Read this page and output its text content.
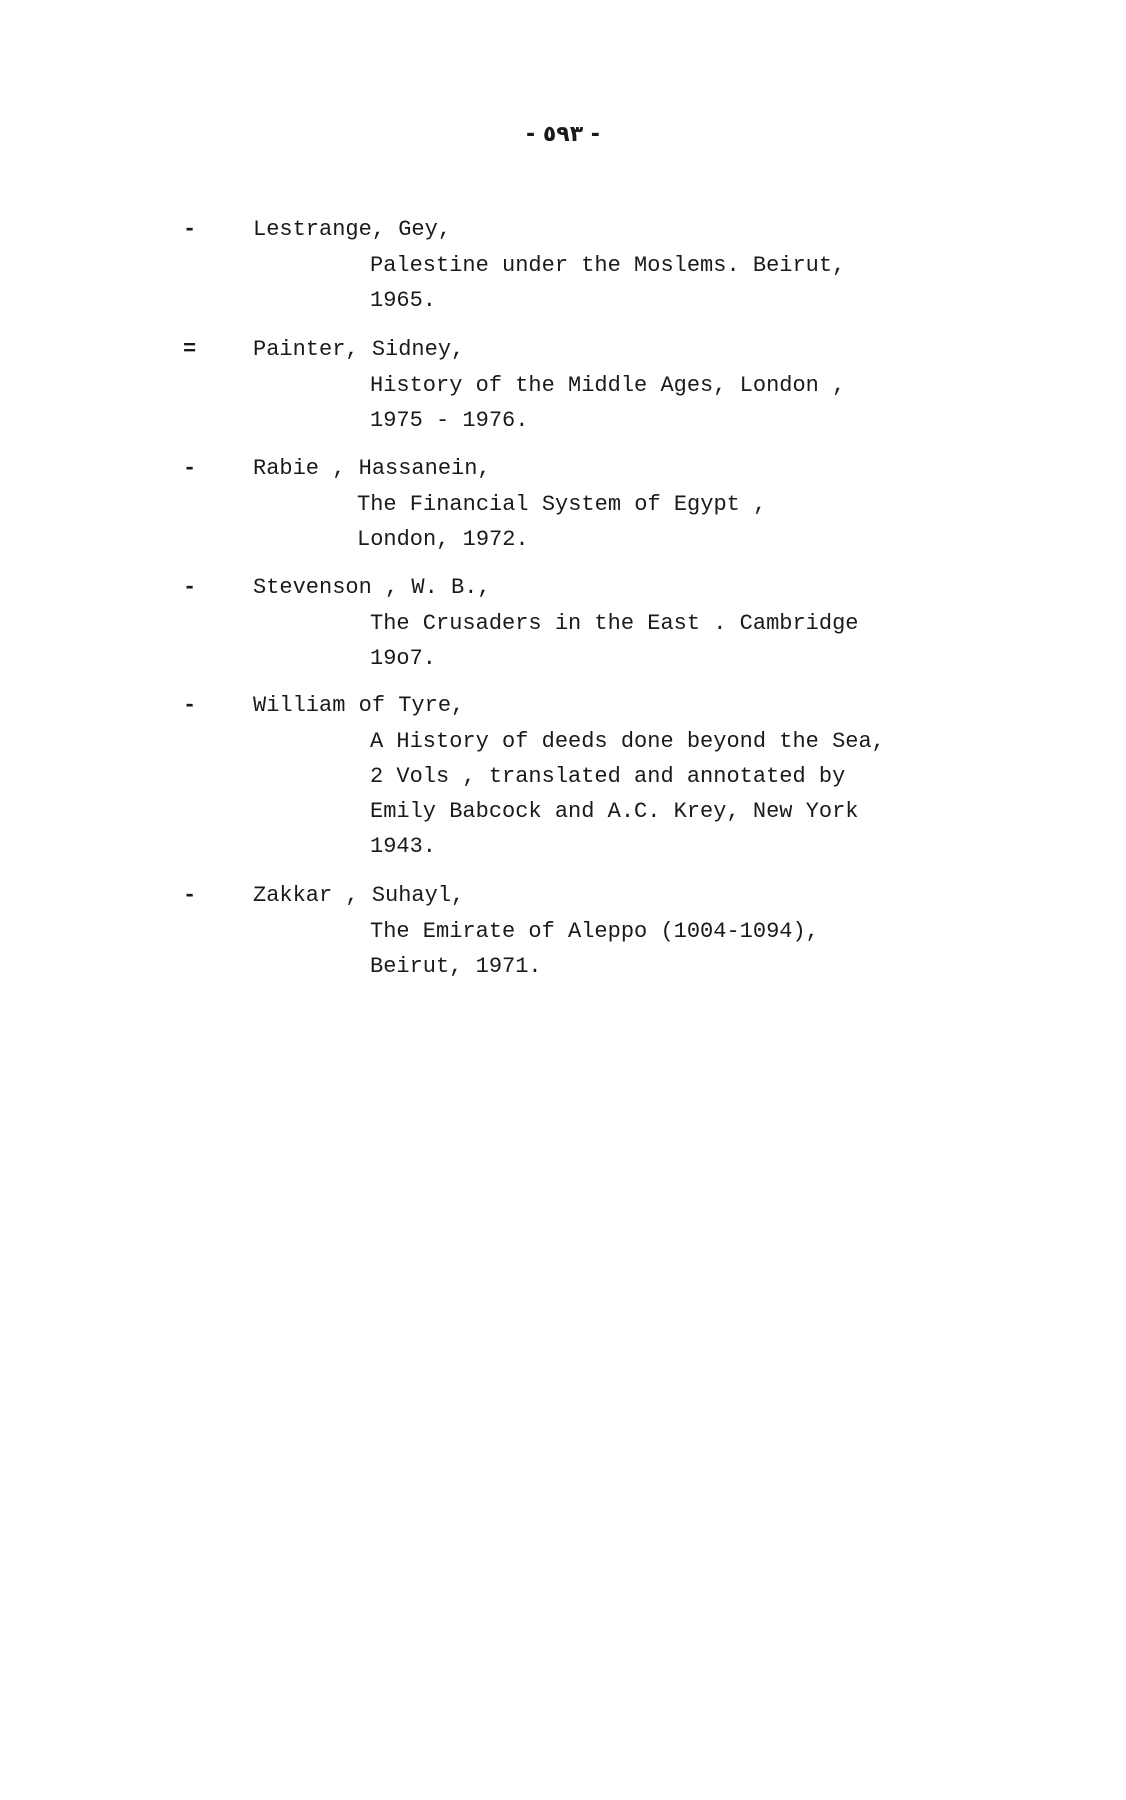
- ٥٩٣ -
-	Lestrange, Gey,
Palestine under the Moslems. Beirut,
1965.
=	Painter, Sidney,
History of the Middle Ages, London ,
1975 - 1976.
-	Rabie , Hassanein,
The Financial System of Egypt ,
London, 1972.
-	Stevenson , W. B.,
The Crusaders in the East . Cambridge
19o7.
-	William of Tyre,
A History of deeds done beyond the Sea,
2 Vols , translated and annotated by
Emily Babcock and A.C. Krey, New York
1943.
-	Zakkar , Suhayl,
The Emirate of Aleppo (1004-1094),
Beirut, 1971.
